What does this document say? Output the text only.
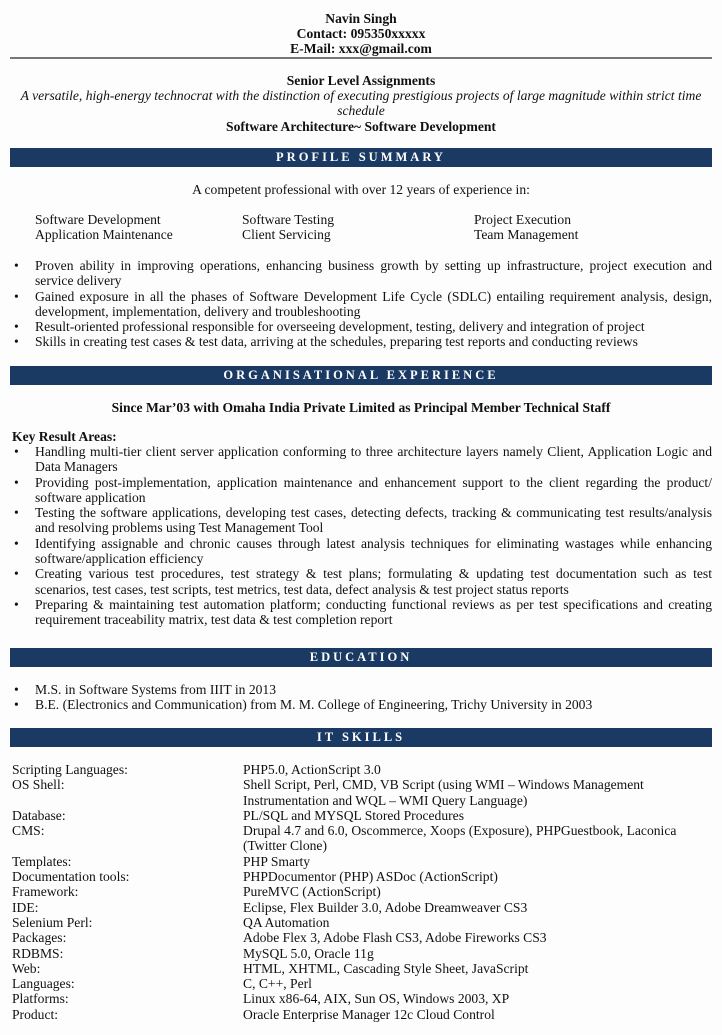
Navin Singh
Contact: 095350xxxxx
E-Mail: xxx@gmail.com
Senior Level Assignments
A versatile, high-energy technocrat with the distinction of executing prestigious projects of large magnitude within strict time schedule
Software Architecture~ Software Development
PROFILE SUMMARY
A competent professional with over 12 years of experience in:
Software Development	Software Testing	Project Execution
Application Maintenance	Client Servicing	Team Management
• Proven ability in improving operations, enhancing business growth by setting up infrastructure, project execution and service delivery
• Gained exposure in all the phases of Software Development Life Cycle (SDLC) entailing requirement analysis, design, development, implementation, delivery and troubleshooting
• Result-oriented professional responsible for overseeing development, testing, delivery and integration of project
• Skills in creating test cases & test data, arriving at the schedules, preparing test reports and conducting reviews
ORGANISATIONAL EXPERIENCE
Since Mar’03 with Omaha India Private Limited as Principal Member Technical Staff
Key Result Areas:
• Handling multi-tier client server application conforming to three architecture layers namely Client, Application Logic and Data Managers
• Providing post-implementation, application maintenance and enhancement support to the client regarding the product/ software application
• Testing the software applications, developing test cases, detecting defects, tracking & communicating test results/analysis and resolving problems using Test Management Tool
• Identifying assignable and chronic causes through latest analysis techniques for eliminating wastages while enhancing software/application efficiency
• Creating various test procedures, test strategy & test plans; formulating & updating test documentation such as test scenarios, test cases, test scripts, test metrics, test data, defect analysis & test project status reports
• Preparing & maintaining test automation platform; conducting functional reviews as per test specifications and creating requirement traceability matrix, test data & test completion report
EDUCATION
• M.S. in Software Systems from IIIT in 2013
• B.E. (Electronics and Communication) from M. M. College of Engineering, Trichy University in 2003
IT SKILLS
Scripting Languages:	PHP5.0, ActionScript 3.0
OS Shell:	Shell Script, Perl, CMD, VB Script (using WMI – Windows Management Instrumentation and WQL – WMI Query Language)
Database:	PL/SQL and MYSQL Stored Procedures
CMS:	Drupal 4.7 and 6.0, Oscommerce, Xoops (Exposure), PHPGuestbook, Laconica (Twitter Clone)
Templates:	PHP Smarty
Documentation tools:	PHPDocumentor (PHP) ASDoc (ActionScript)
Framework:	PureMVC (ActionScript)
IDE:	Eclipse, Flex Builder 3.0, Adobe Dreamweaver CS3
Selenium Perl:	QA Automation
Packages:	Adobe Flex 3, Adobe Flash CS3, Adobe Fireworks CS3
RDBMS:	MySQL 5.0, Oracle 11g
Web:	HTML, XHTML, Cascading Style Sheet, JavaScript
Languages:	C, C++, Perl
Platforms:	Linux x86-64, AIX, Sun OS, Windows 2003, XP
Product:	Oracle Enterprise Manager 12c Cloud Control
